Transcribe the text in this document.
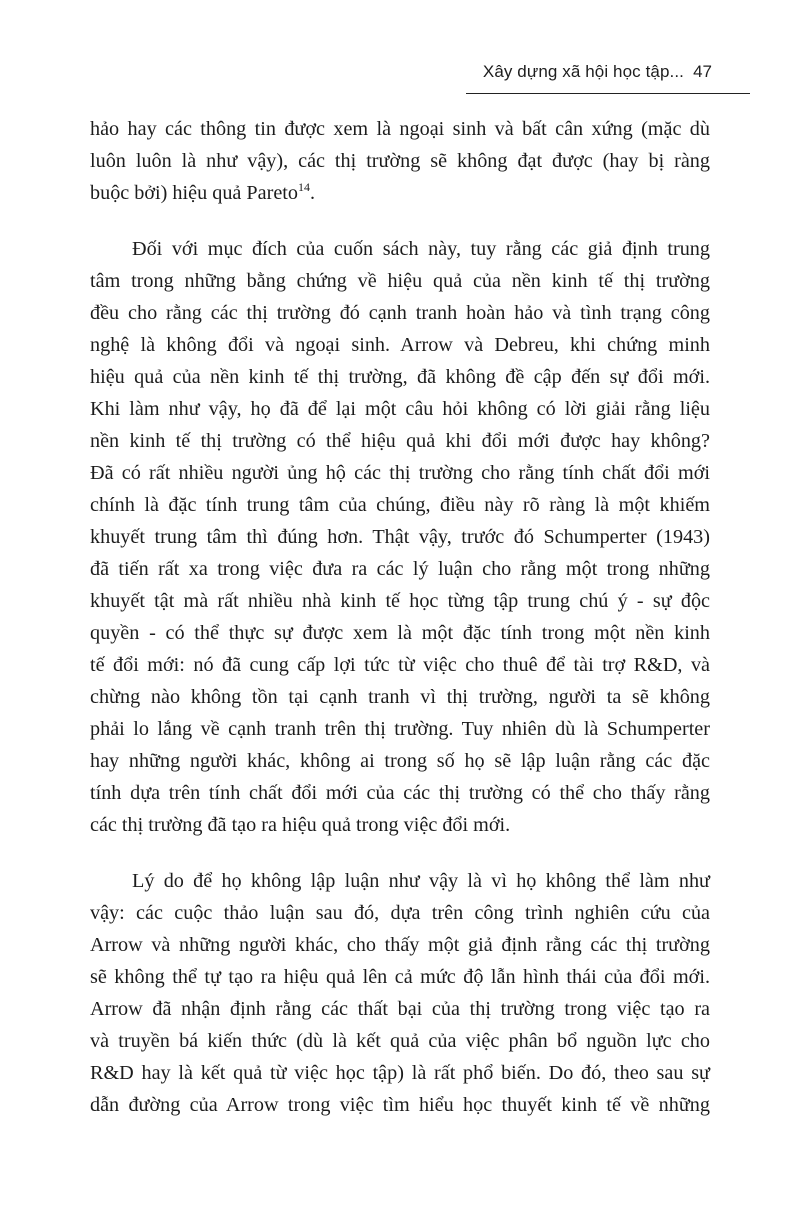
Xây dựng xã hội học tập... 47
hảo hay các thông tin được xem là ngoại sinh và bất cân xứng (mặc dù
luôn luôn là như vậy), các thị trường sẽ không đạt được (hay bị ràng
buộc bởi) hiệu quả Pareto$^{14}$.
Đối với mục đích của cuốn sách này, tuy rằng các giả định trung
tâm trong những bằng chứng về hiệu quả của nền kinh tế thị trường
đều cho rằng các thị trường đó cạnh tranh hoàn hảo và tình trạng công
nghệ là không đổi và ngoại sinh. Arrow và Debreu, khi chứng minh
hiệu quả của nền kinh tế thị trường, đã không đề cập đến sự đổi mới.
Khi làm như vậy, họ đã để lại một câu hỏi không có lời giải rằng liệu
nền kinh tế thị trường có thể hiệu quả khi đổi mới được hay không?
Đã có rất nhiều người ủng hộ các thị trường cho rằng tính chất đổi mới
chính là đặc tính trung tâm của chúng, điều này rõ ràng là một khiếm
khuyết trung tâm thì đúng hơn. Thật vậy, trước đó Schumperter (1943)
đã tiến rất xa trong việc đưa ra các lý luận cho rằng một trong những
khuyết tật mà rất nhiều nhà kinh tế học từng tập trung chú ý - sự độc
quyền - có thể thực sự được xem là một đặc tính trong một nền kinh
tế đổi mới: nó đã cung cấp lợi tức từ việc cho thuê để tài trợ R&D, và
chừng nào không tồn tại cạnh tranh vì thị trường, người ta sẽ không
phải lo lắng về cạnh tranh trên thị trường. Tuy nhiên dù là Schumperter
hay những người khác, không ai trong số họ sẽ lập luận rằng các đặc
tính dựa trên tính chất đổi mới của các thị trường có thể cho thấy rằng
các thị trường đã tạo ra hiệu quả trong việc đổi mới.
Lý do để họ không lập luận như vậy là vì họ không thể làm như
vậy: các cuộc thảo luận sau đó, dựa trên công trình nghiên cứu của
Arrow và những người khác, cho thấy một giả định rằng các thị trường
sẽ không thể tự tạo ra hiệu quả lên cả mức độ lẫn hình thái của đổi mới.
Arrow đã nhận định rằng các thất bại của thị trường trong việc tạo ra
và truyền bá kiến thức (dù là kết quả của việc phân bổ nguồn lực cho
R&D hay là kết quả từ việc học tập) là rất phổ biến. Do đó, theo sau sự
dẫn đường của Arrow trong việc tìm hiểu học thuyết kinh tế về những
